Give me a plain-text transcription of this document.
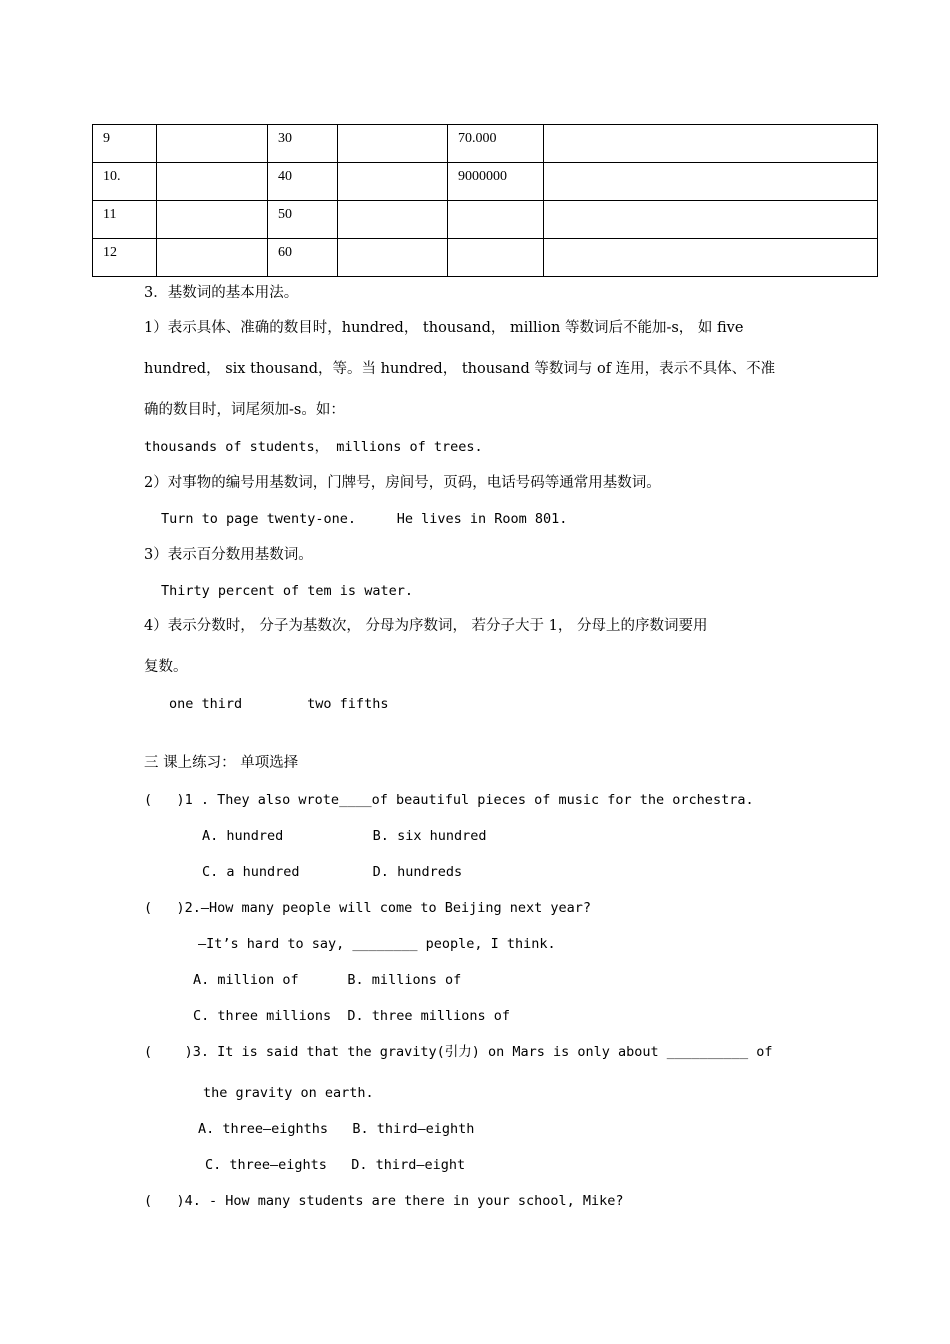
9		30		70.000	

10.		40		9000000	

11		50			

12		60			

3．基数词的基本用法。
1）表示具体、准确的数目时，hundred， thousand， million 等数词后不能加-s， 如 five
hundred， six thousand，等。当 hundred， thousand 等数词与 of 连用，表示不具体、不准
确的数目时，词尾须加-s。如：
thousands of students， millions of trees.
2）对事物的编号用基数词，门牌号，房间号，页码，电话号码等通常用基数词。
Turn to page twenty-one.     He lives in Room 801.
3）表示百分数用基数词。
Thirty percent of tem is water.
4）表示分数时， 分子为基数次， 分母为序数词， 若分子大于 1， 分母上的序数词要用
复数。
one third        two fifths
三 课上练习： 单项选择
(   )1 . They also wrote____of beautiful pieces of music for the orchestra.
A. hundred           B. six hundred
C. a hundred         D. hundreds
(   )2.—How many people will come to Beijing next year?
—It’s hard to say, ________ people, I think.
A. million of      B. millions of
C. three millions  D. three millions of
(    )3. It is said that the gravity(引力) on Mars is only about __________ of
the gravity on earth.
A. three—eighths   B. third—eighth
C. three—eights   D. third—eight
(   )4. - How many students are there in your school, Mike?
